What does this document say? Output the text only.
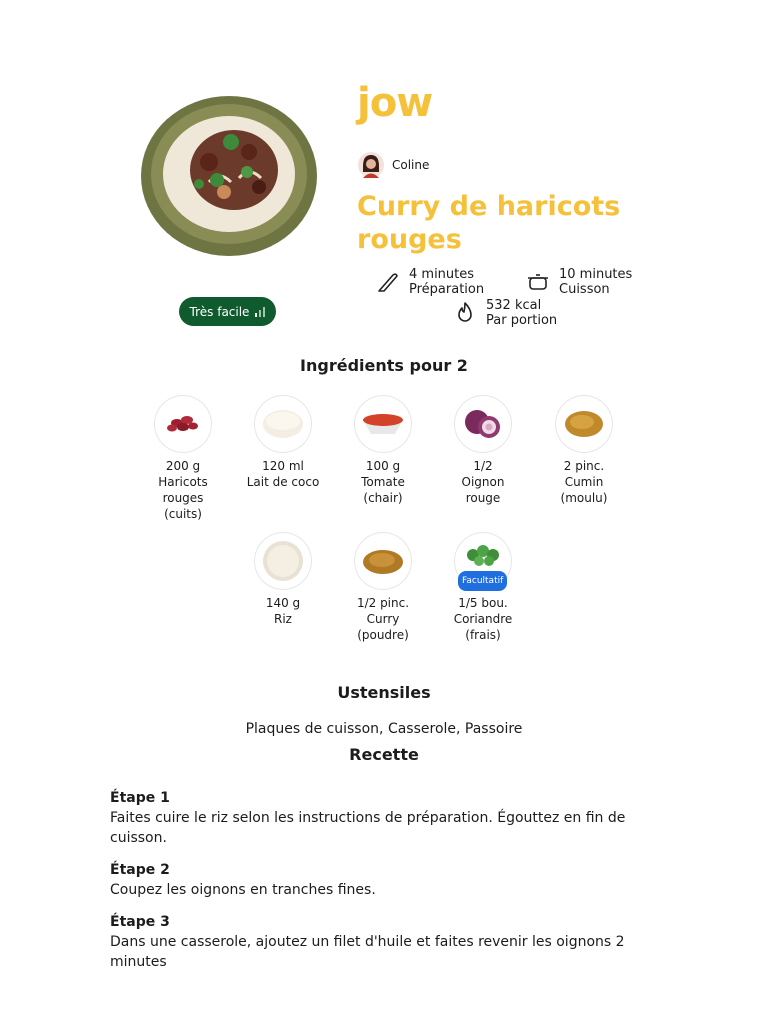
jow
Coline
Curry de haricots rouges
4 minutes
Préparation
10 minutes
Cuisson
532 kcal
Par portion
Très facile
Ingrédients pour 2
200 g
Haricots
rouges
(cuits)
120 ml
Lait de coco
100 g
Tomate
(chair)
1/2
Oignon
rouge
2 pinc.
Cumin
(moulu)
140 g
Riz
1/2 pinc.
Curry
(poudre)
Facultatif
1/5 bou.
Coriandre
(frais)
Ustensiles
Plaques de cuisson, Casserole, Passoire
Recette
Étape 1
Faites cuire le riz selon les instructions de préparation. Égouttez en fin de cuisson.
Étape 2
Coupez les oignons en tranches fines.
Étape 3
Dans une casserole, ajoutez un filet d'huile et faites revenir les oignons 2 minutes
